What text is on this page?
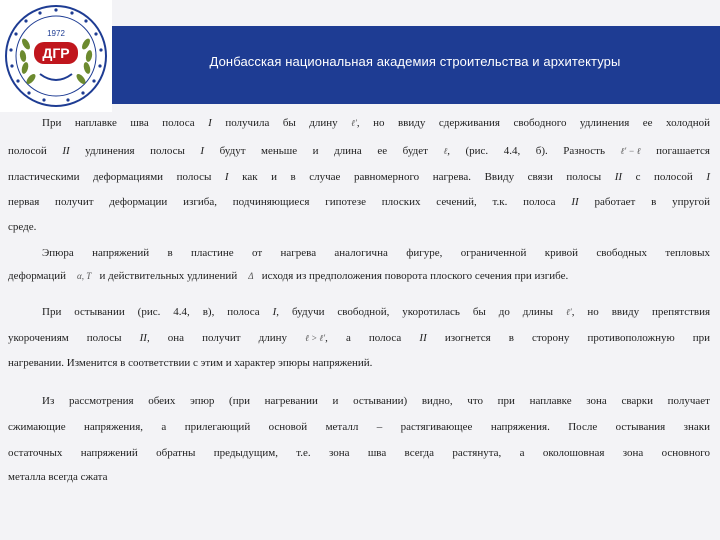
Донбасская национальная академия строительства и архитектуры
1972
ДГР
При наплавке шва полоса I получила бы длину ℓ′, но ввиду сдерживания свободного удлинения ее холодной
полосой II удлинения полосы I будут меньше и длина ее будет ℓ, (рис. 4.4, б). Разность ℓ′ − ℓ погашается
пластическими деформациями полосы I как и в случае равномерного нагрева. Ввиду связи полосы II с полосой I
первая получит деформации изгиба, подчиняющиеся гипотезе плоских сечений, т.к. полоса II работает в упругой
среде.
Эпюра напряжений в пластине от нагрева аналогична фигуре, ограниченной кривой свободных тепловых
деформаций α, T и действительных удлинений Δ исходя из предположения поворота плоского сечения при изгибе.
При остывании (рис. 4.4, в), полоса I, будучи свободной, укоротилась бы до длины ℓ′, но ввиду препятствия
укорочениям полосы II, она получит длину ℓ > ℓ′, а полоса II изогнется в сторону противоположную при
нагревании. Изменится в соответствии с этим и характер эпюры напряжений.
Из рассмотрения обеих эпюр (при нагревании и остывании) видно, что при наплавке зона сварки получает
сжимающие напряжения, а прилегающий основой металл – растягивающее напряжения. После остывания знаки
остаточных напряжений обратны предыдущим, т.е. зона шва всегда растянута, а околошовная зона основного
металла всегда сжата
